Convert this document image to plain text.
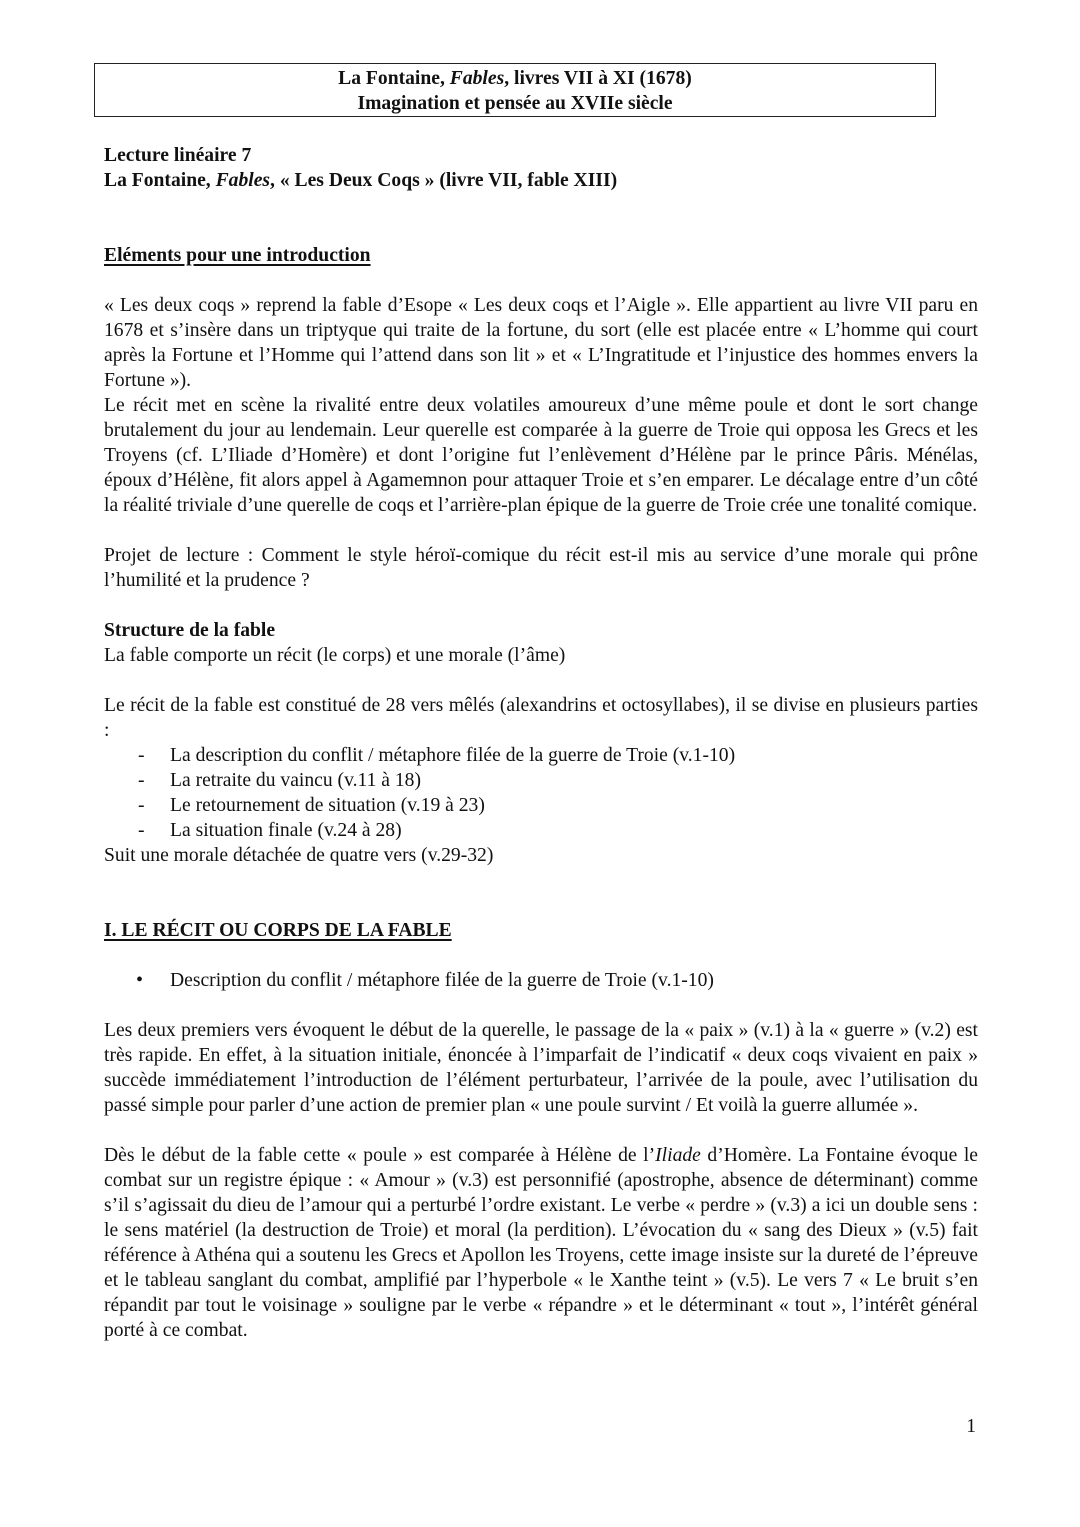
La Fontaine, Fables, livres VII à XI (1678)
Imagination et pensée au XVIIe siècle

Lecture linéaire 7

La Fontaine, Fables, « Les Deux Coqs » (livre VII, fable XIII)

Eléments pour une introduction

« Les deux coqs » reprend la fable d’Esope « Les deux coqs et l’Aigle ». Elle appartient au livre VII paru en 1678 et s’insère dans un triptyque qui traite de la fortune, du sort (elle est placée entre « L’homme qui court après la Fortune et l’Homme qui l’attend dans son lit » et « L’Ingratitude et l’injustice des hommes envers la Fortune »).

Le récit met en scène la rivalité entre deux volatiles amoureux d’une même poule et dont le sort change brutalement du jour au lendemain. Leur querelle est comparée à la guerre de Troie qui opposa les Grecs et les Troyens (cf. L’Iliade d’Homère) et dont l’origine fut l’enlèvement d’Hélène par le prince Pâris. Ménélas, époux d’Hélène, fit alors appel à Agamemnon pour attaquer Troie et s’en emparer. Le décalage entre d’un côté la réalité triviale d’une querelle de coqs et l’arrière-plan épique de la guerre de Troie crée une tonalité comique.

Projet de lecture : Comment le style héroï-comique du récit est-il mis au service d’une morale qui prône l’humilité et la prudence ?

Structure de la fable

La fable comporte un récit (le corps) et une morale (l’âme)

Le récit de la fable est constitué de 28 vers mêlés (alexandrins et octosyllabes), il se divise en plusieurs parties :

- La description du conflit / métaphore filée de la guerre de Troie (v.1-10)
- La retraite du vaincu (v.11 à 18)
- Le retournement de situation (v.19 à 23)
- La situation finale (v.24 à 28)

Suit une morale détachée de quatre vers (v.29-32)

I. LE RÉCIT OU CORPS DE LA FABLE

• Description du conflit / métaphore filée de la guerre de Troie (v.1-10)

Les deux premiers vers évoquent le début de la querelle, le passage de la « paix » (v.1) à la « guerre » (v.2) est très rapide. En effet, à la situation initiale, énoncée à l’imparfait de l’indicatif « deux coqs vivaient en paix » succède immédiatement l’introduction de l’élément perturbateur, l’arrivée de la poule, avec l’utilisation du passé simple pour parler d’une action de premier plan « une poule survint / Et voilà la guerre allumée ».

Dès le début de la fable cette « poule » est comparée à Hélène de l’Iliade d’Homère. La Fontaine évoque le combat sur un registre épique : « Amour » (v.3) est personnifié (apostrophe, absence de déterminant) comme s’il s’agissait du dieu de l’amour qui a perturbé l’ordre existant. Le verbe « perdre » (v.3) a ici un double sens : le sens matériel (la destruction de Troie) et moral (la perdition). L’évocation du « sang des Dieux » (v.5) fait référence à Athéna qui a soutenu les Grecs et Apollon les Troyens, cette image insiste sur la dureté de l’épreuve et le tableau sanglant du combat, amplifié par l’hyperbole « le Xanthe teint » (v.5). Le vers 7 « Le bruit s’en répandit par tout le voisinage » souligne par le verbe « répandre » et le déterminant « tout », l’intérêt général porté à ce combat.

1
